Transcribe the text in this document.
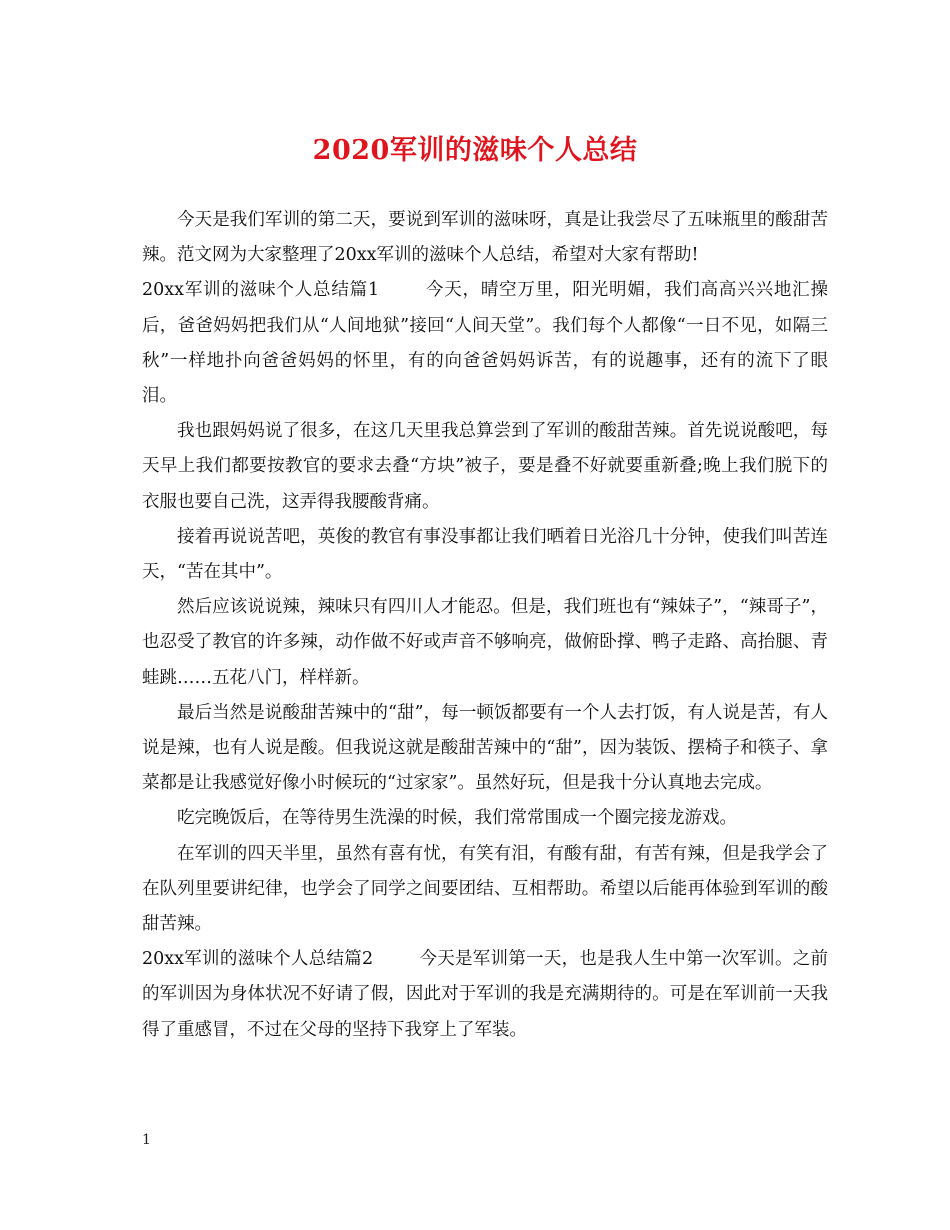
2020军训的滋味个人总结

今天是我们军训的第二天，要说到军训的滋味呀，真是让我尝尽了五味瓶里的酸甜苦辣。范文网为大家整理了20xx军训的滋味个人总结，希望对大家有帮助!

20xx军训的滋味个人总结篇1	今天，晴空万里，阳光明媚，我们高高兴兴地汇操后，爸爸妈妈把我们从“人间地狱”接回“人间天堂”。我们每个人都像“一日不见，如隔三秋”一样地扑向爸爸妈妈的怀里，有的向爸爸妈妈诉苦，有的说趣事，还有的流下了眼泪。

我也跟妈妈说了很多，在这几天里我总算尝到了军训的酸甜苦辣。首先说说酸吧，每天早上我们都要按教官的要求去叠“方块”被子，要是叠不好就要重新叠;晚上我们脱下的衣服也要自己洗，这弄得我腰酸背痛。

接着再说说苦吧，英俊的教官有事没事都让我们晒着日光浴几十分钟，使我们叫苦连天，“苦在其中”。

然后应该说说辣，辣味只有四川人才能忍。但是，我们班也有“辣妹子”，“辣哥子”，也忍受了教官的许多辣，动作做不好或声音不够响亮，做俯卧撑、鸭子走路、高抬腿、青蛙跳……五花八门，样样新。

最后当然是说酸甜苦辣中的“甜”，每一顿饭都要有一个人去打饭，有人说是苦，有人说是辣，也有人说是酸。但我说这就是酸甜苦辣中的“甜”，因为装饭、摆椅子和筷子、拿菜都是让我感觉好像小时候玩的“过家家”。虽然好玩，但是我十分认真地去完成。

吃完晚饭后，在等待男生洗澡的时候，我们常常围成一个圈完接龙游戏。

在军训的四天半里，虽然有喜有忧，有笑有泪，有酸有甜，有苦有辣，但是我学会了在队列里要讲纪律，也学会了同学之间要团结、互相帮助。希望以后能再体验到军训的酸甜苦辣。

20xx军训的滋味个人总结篇2	今天是军训第一天，也是我人生中第一次军训。之前的军训因为身体状况不好请了假，因此对于军训的我是充满期待的。可是在军训前一天我得了重感冒，不过在父母的坚持下我穿上了军装。

1
